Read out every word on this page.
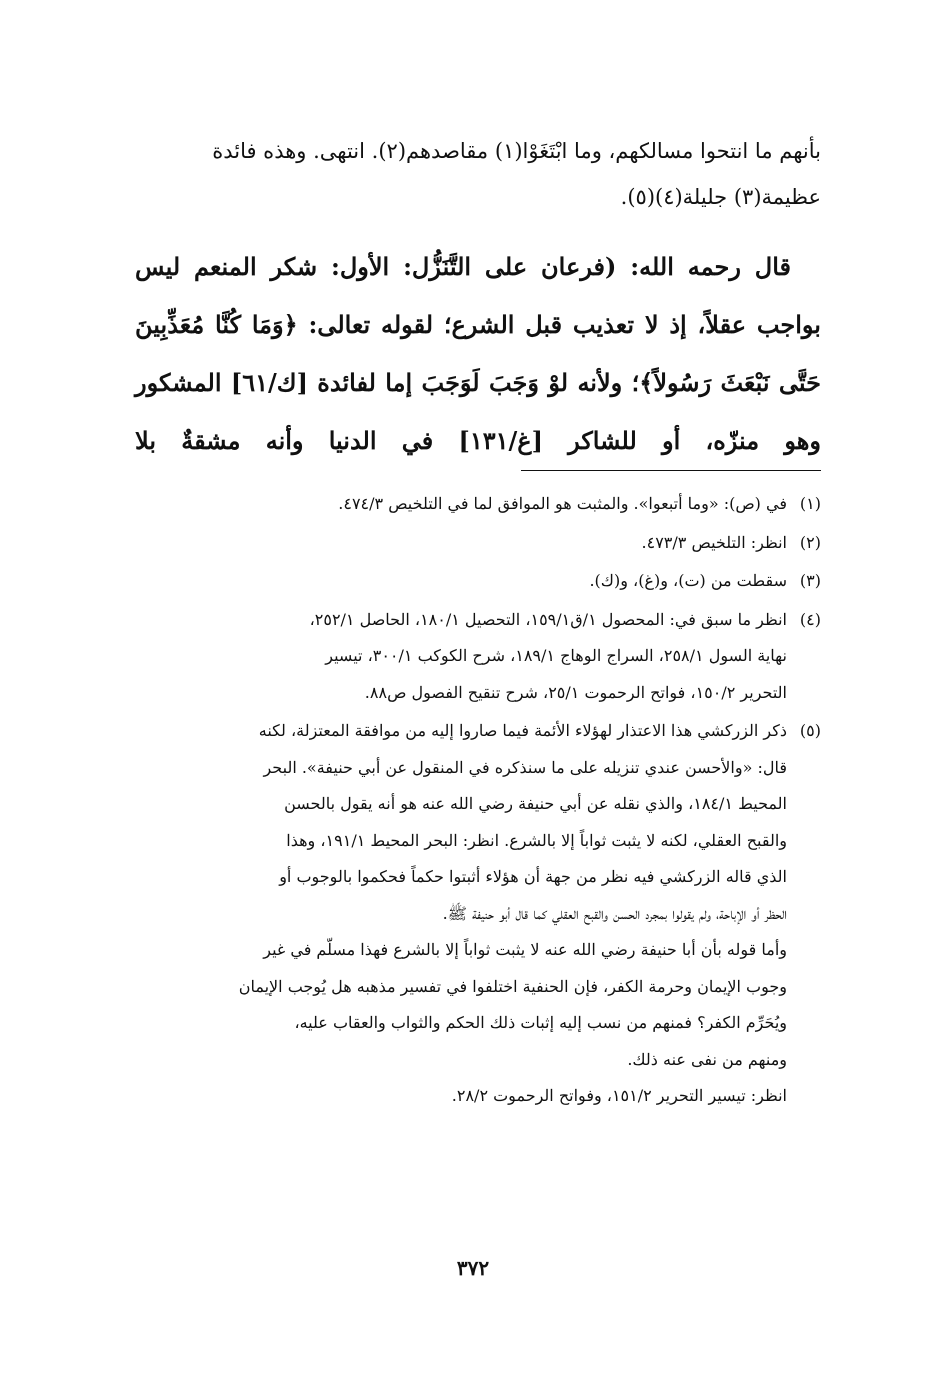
بأنهم ما انتحوا مسالكهم، وما ابْتَغَوْا(١) مقاصدهم(٢). انتهى. وهذه فائدة

عظيمة(٣) جليلة(٤)(٥).

قال رحمه الله: (فرعان على التَّنَزُّل: الأول: شكر المنعم ليس بواجب عقلاً، إذ لا تعذيب قبل الشرع؛ لقوله تعالى: ﴿وَمَا كُنَّا مُعَذِّبِينَ حَتَّى نَبْعَثَ رَسُولاً﴾؛ ولأنه لوْ وَجَبَ لَوَجَبَ إما لفائدة [ك/٦١] المشكور وهو منزّه، أو للشاكر [غ/١٣١] في الدنيا وأنه مشقةٌ بلا

(١)

في (ص): «وما أتبعوا». والمثبت هو الموافق لما في التلخيص ٤٧٤/٣.

(٢)

انظر: التلخيص ٤٧٣/٣.

(٣)

سقطت من (ت)، و(غ)، و(ك).

(٤)

انظر ما سبق في: المحصول ١/ق١٥٩/١، التحصيل ١٨٠/١، الحاصل ٢٥٢/١،

نهاية السول ٢٥٨/١، السراج الوهاج ١٨٩/١، شرح الكوكب ٣٠٠/١، تيسير

التحرير ١٥٠/٢، فواتح الرحموت ٢٥/١، شرح تنقيح الفصول ص٨٨.

(٥)

ذكر الزركشي هذا الاعتذار لهؤلاء الأئمة فيما صاروا إليه من موافقة المعتزلة، لكنه

قال: «والأحسن عندي تنزيله على ما سنذكره في المنقول عن أبي حنيفة». البحر

المحيط ١٨٤/١، والذي نقله عن أبي حنيفة رضي الله عنه هو أنه يقول بالحسن

والقبح العقلي، لكنه لا يثبت ثواباً إلا بالشرع. انظر: البحر المحيط ١٩١/١، وهذا

الذي قاله الزركشي فيه نظر من جهة أن هؤلاء أثبتوا حكماً فحكموا بالوجوب أو

الحظر أو الإباحة، ولم يقولوا بمجرد الحسن والقبح العقلي كما قال أبو حنيفة ﷺ.

وأما قوله بأن أبا حنيفة رضي الله عنه لا يثبت ثواباً إلا بالشرع فهذا مسلّم في غير

وجوب الإيمان وحرمة الكفر، فإن الحنفية اختلفوا في تفسير مذهبه هل يُوجب الإيمان

ويُحَرِّم الكفر؟ فمنهم من نسب إليه إثبات ذلك الحكم والثواب والعقاب عليه،

ومنهم من نفى عنه ذلك.

انظر: تيسير التحرير ١٥١/٢، وفواتح الرحموت ٢٨/٢.

٣٧٢
